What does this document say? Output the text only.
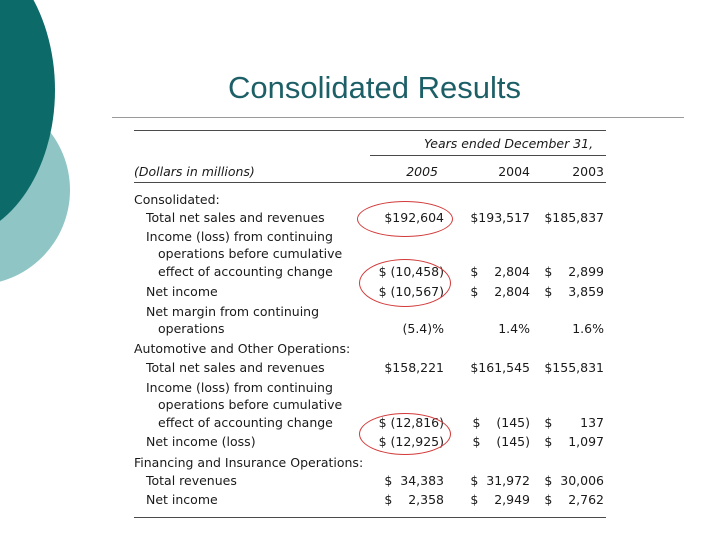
Consolidated Results
Years ended December 31,
(Dollars in millions)	2005	2004	2003
Consolidated:
Total net sales and revenues	$192,604	$193,517	$185,837
Income (loss) from continuing
operations before cumulative
effect of accounting change	$ (10,458)	$    2,804	$    2,899
Net income	$ (10,567)	$    2,804	$    3,859
Net margin from continuing
operations	(5.4)%	1.4%	1.6%
Automotive and Other Operations:
Total net sales and revenues	$158,221	$161,545	$155,831
Income (loss) from continuing
operations before cumulative
effect of accounting change	$ (12,816)	$    (145)	$       137
Net income (loss)	$ (12,925)	$    (145)	$    1,097
Financing and Insurance Operations:
Total revenues	$  34,383	$  31,972	$  30,006
Net income	$    2,358	$    2,949	$    2,762
